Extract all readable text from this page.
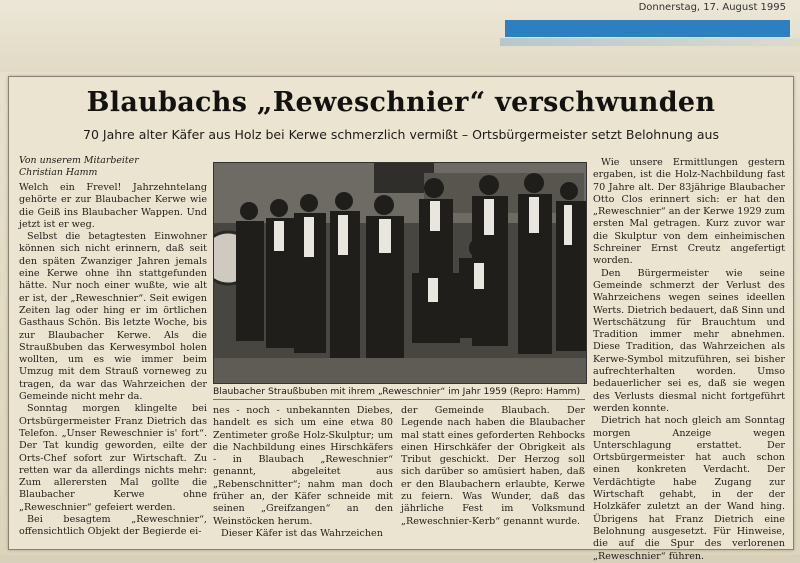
Donnerstag, 17. August 1995
Blaubachs „Reweschnier“ verschwunden
70 Jahre alter Käfer aus Holz bei Kerwe schmerzlich vermißt – Ortsbürgermeister setzt Belohnung aus
Von unserem Mitarbeiter
Christian Hamm

Welch ein Frevel! Jahrzehntelang gehörte er zur Blaubacher Kerwe wie die Geiß ins Blaubacher Wappen. Und jetzt ist er weg.

Selbst die betagtesten Einwohner können sich nicht erinnern, daß seit den späten Zwanziger Jahren jemals eine Kerwe ohne ihn stattgefunden hätte. Nur noch einer wußte, wie alt er ist, der „Reweschnier“. Seit ewigen Zeiten lag oder hing er im örtlichen Gasthaus Schön. Bis letzte Woche, bis zur Blaubacher Kerwe. Als die Straußbuben das Kerwesymbol holen wollten, um es wie immer beim Umzug mit dem Strauß vorneweg zu tragen, da war das Wahrzeichen der Gemeinde nicht mehr da.

Sonntag morgen klingelte bei Ortsbürgermeister Franz Dietrich das Telefon. „Unser Reweschnier is' fort“. Der Tat kundig geworden, eilte der Orts-Chef sofort zur Wirtschaft. Zu retten war da allerdings nichts mehr: Zum allerersten Mal gollte die Blaubacher Kerwe ohne „Reweschnier“ gefeiert werden.

Bei besagtem „Reweschnier“, offensichtlich Objekt der Begierde ei-

Blaubacher Straußbuben mit ihrem „Reweschnier“ im Jahr 1959 (Repro: Hamm)

nes - noch - unbekannten Diebes, handelt es sich um eine etwa 80 Zentimeter große Holz-Skulptur; um die Nachbildung eines Hirschkäfers - in Blaubach „Reweschnier“ genannt, abgeleitet aus „Rebenschnitter“; nahm man doch früher an, der Käfer schneide mit seinen „Greifzangen“ an den Weinstöcken herum.

Dieser Käfer ist das Wahrzeichen

der Gemeinde Blaubach. Der Legende nach haben die Blaubacher mal statt eines geforderten Rehbocks einen Hirschkäfer der Obrigkeit als Tribut geschickt. Der Herzog soll sich darüber so amüsiert haben, daß er den Blaubachern erlaubte, Kerwe zu feiern. Was Wunder, daß das jährliche Fest im Volksmund „Reweschnier-Kerb“ genannt wurde.

Wie unsere Ermittlungen gestern ergaben, ist die Holz-Nachbildung fast 70 Jahre alt. Der 83jährige Blaubacher Otto Clos erinnert sich: er hat den „Reweschnier“ an der Kerwe 1929 zum ersten Mal getragen. Kurz zuvor war die Skulptur von dem einheimischen Schreiner Ernst Creutz angefertigt worden.

Den Bürgermeister wie seine Gemeinde schmerzt der Verlust des Wahrzeichens wegen seines ideellen Werts. Dietrich bedauert, daß Sinn und Wertschätzung für Brauchtum und Tradition immer mehr abnehmen. Diese Tradition, das Wahrzeichen als Kerwe-Symbol mitzuführen, sei bisher aufrechterhalten worden. Umso bedauerlicher sei es, daß sie wegen des Verlusts diesmal nicht fortgeführt werden konnte.

Dietrich hat noch gleich am Sonntag morgen Anzeige wegen Unterschlagung erstattet. Der Ortsbürgermeister hat auch schon einen konkreten Verdacht. Der Verdächtigte habe Zugang zur Wirtschaft gehabt, in der der Holzkäfer zuletzt an der Wand hing. Übrigens hat Franz Dietrich eine Belohnung ausgesetzt. Für Hinweise, die auf die Spur des verlorenen „Reweschnier“ führen.
